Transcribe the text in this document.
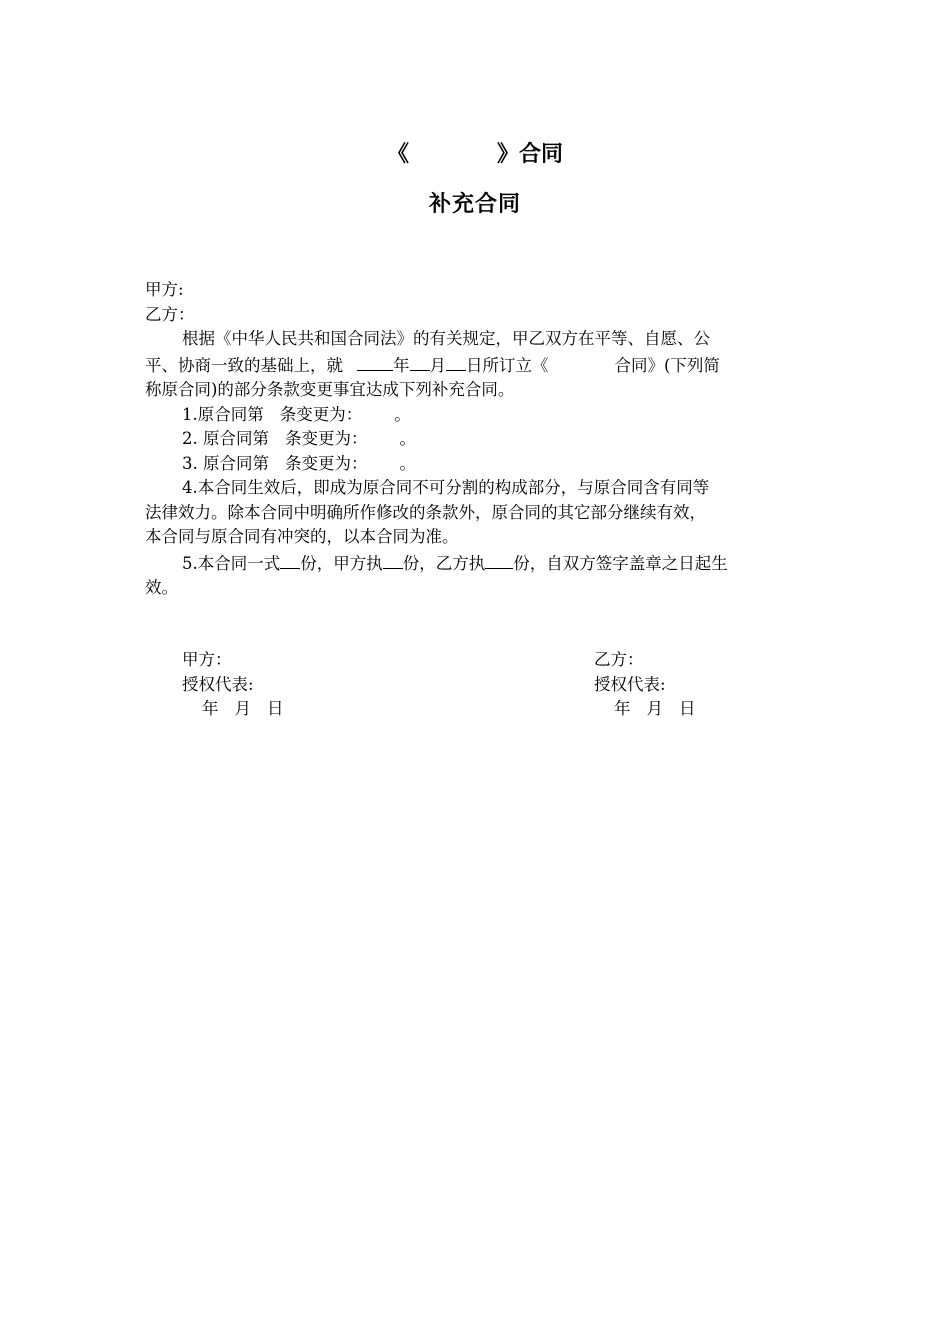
《	》合同
补充合同
甲方:
乙方：
根据《中华人民共和国合同法》的有关规定，甲乙双方在平等、自愿、公
平、协商一致的基础上，就	年 月 日所订立《	合同》(下列简
称原合同)的部分条款变更事宜达成下列补充合同。
1.原合同第 条变更为： 。
2. 原合同第 条变更为： 。
3. 原合同第 条变更为： 。
4.本合同生效后，即成为原合同不可分割的构成部分，与原合同含有同等
法律效力。除本合同中明确所作修改的条款外，原合同的其它部分继续有效，
本合同与原合同有冲突的，以本合同为准。
5.本合同一式 份，甲方执 份，乙方执 份，自双方签字盖章之日起生
效。
甲方：
授权代表:
年 月 日
乙方：
授权代表:
年 月 日
